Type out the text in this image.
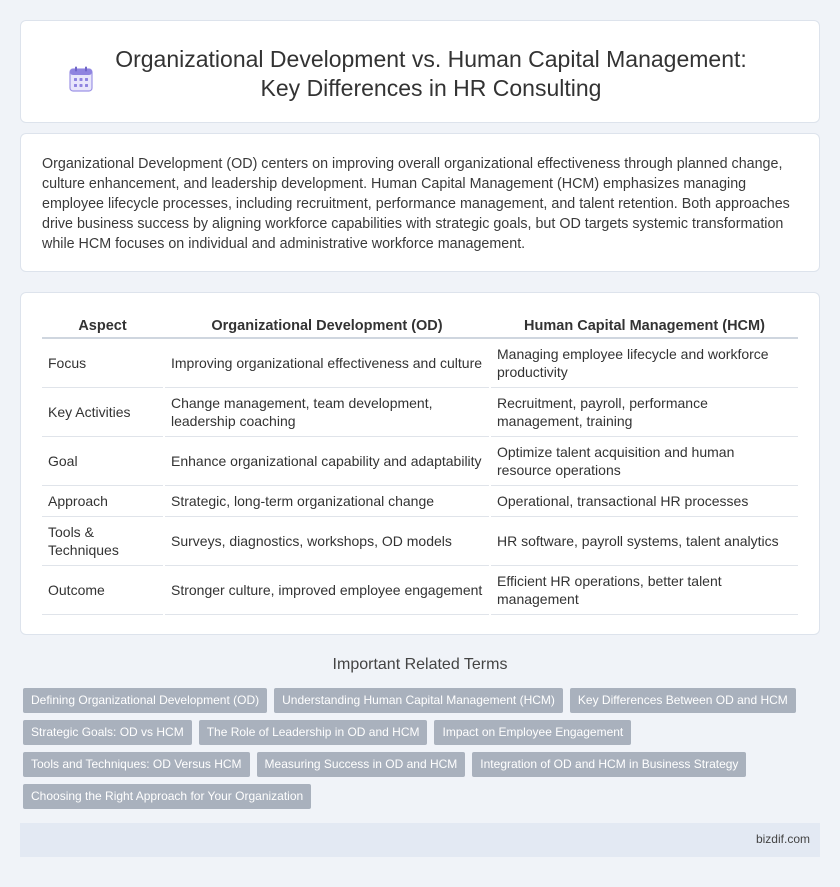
Organizational Development vs. Human Capital Management: Key Differences in HR Consulting

Organizational Development (OD) centers on improving overall organizational effectiveness through planned change, culture enhancement, and leadership development. Human Capital Management (HCM) emphasizes managing employee lifecycle processes, including recruitment, performance management, and talent retention. Both approaches drive business success by aligning workforce capabilities with strategic goals, but OD targets systemic transformation while HCM focuses on individual and administrative workforce management.

Aspect	Organizational Development (OD)	Human Capital Management (HCM)
Focus	Improving organizational effectiveness and culture	Managing employee lifecycle and workforce productivity
Key Activities	Change management, team development, leadership coaching	Recruitment, payroll, performance management, training
Goal	Enhance organizational capability and adaptability	Optimize talent acquisition and human resource operations
Approach	Strategic, long-term organizational change	Operational, transactional HR processes
Tools & Techniques	Surveys, diagnostics, workshops, OD models	HR software, payroll systems, talent analytics
Outcome	Stronger culture, improved employee engagement	Efficient HR operations, better talent management
Important Related Terms
Defining Organizational Development (OD)	Understanding Human Capital Management (HCM)	Key Differences Between OD and HCM
Strategic Goals: OD vs HCM	The Role of Leadership in OD and HCM	Impact on Employee Engagement
Tools and Techniques: OD Versus HCM	Measuring Success in OD and HCM	Integration of OD and HCM in Business Strategy
Choosing the Right Approach for Your Organization
bizdif.com
